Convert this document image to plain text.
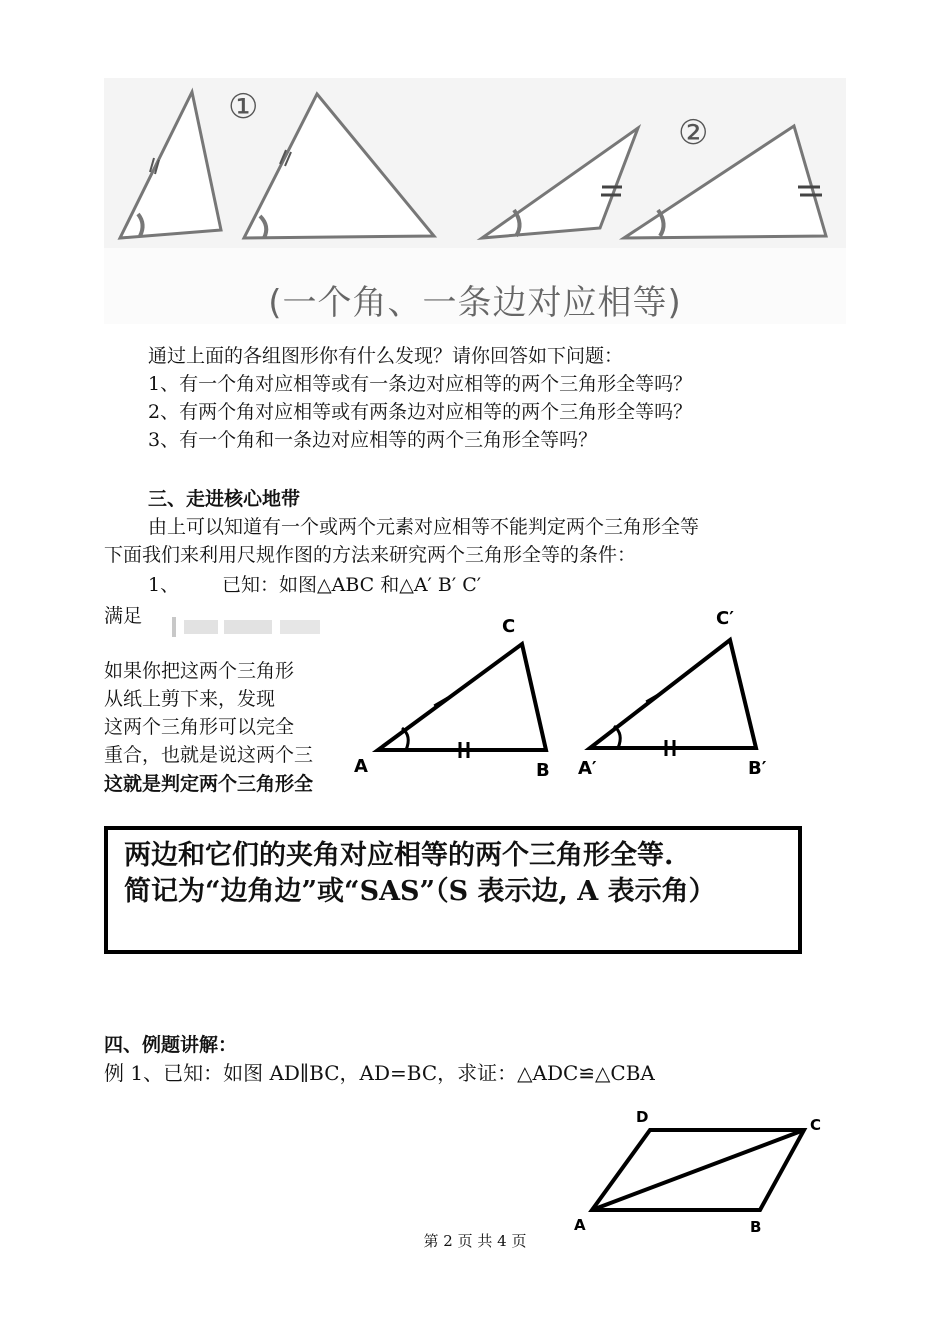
①
②
(一个角、一条边对应相等)
通过上面的各组图形你有什么发现？请你回答如下问题：
1、有一个角对应相等或有一条边对应相等的两个三角形全等吗？
2、有两个角对应相等或有两条边对应相等的两个三角形全等吗？
3、有一个角和一条边对应相等的两个三角形全等吗？
三、走进核心地带
由上可以知道有一个或两个元素对应相等不能判定两个三角形全等
下面我们来利用尺规作图的方法来研究两个三角形全等的条件：
1、 已知：如图△ABC 和△A′ B′ C′
满足
如果你把这两个三角形
从纸上剪下来，发现
这两个三角形可以完全
重合，也就是说这两个三
这就是判定两个三角形全
C
A	B
C′
A′	B′
两边和它们的夹角对应相等的两个三角形全等.
简记为“边角边”或“SAS”（S 表示边, A 表示角）
四、例题讲解：
例 1、已知：如图 AD∥BC，AD=BC，求证：△ADC≌△CBA
D	C
A	B
第 2 页 共 4 页
